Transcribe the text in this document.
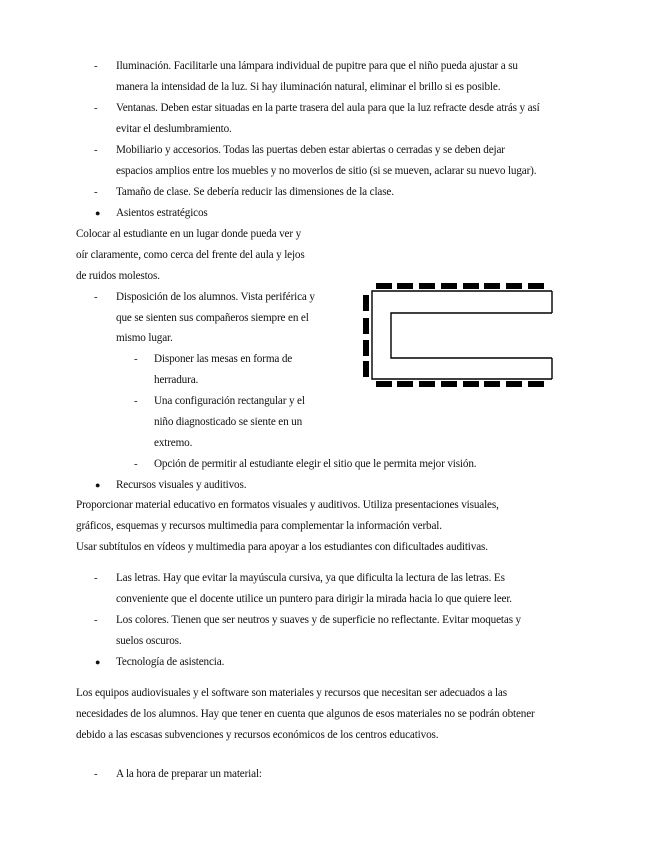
- Iluminación. Facilitarle una lámpara individual de pupitre para que el niño pueda ajustar a su
manera la intensidad de la luz. Si hay iluminación natural, eliminar el brillo si es posible.
- Ventanas. Deben estar situadas en la parte trasera del aula para que la luz refracte desde atrás y así
evitar el deslumbramiento.
- Mobiliario y accesorios. Todas las puertas deben estar abiertas o cerradas y se deben dejar
espacios amplios entre los muebles y no moverlos de sitio (si se mueven, aclarar su nuevo lugar).
- Tamaño de clase. Se debería reducir las dimensiones de la clase.
● Asientos estratégicos
Colocar al estudiante en un lugar donde pueda ver y
oír claramente, como cerca del frente del aula y lejos
de ruidos molestos.
- Disposición de los alumnos. Vista periférica y
que se sienten sus compañeros siempre en el
mismo lugar.
- Disponer las mesas en forma de
herradura.
- Una configuración rectangular y el
niño diagnosticado se siente en un
extremo.
- Opción de permitir al estudiante elegir el sitio que le permita mejor visión.
● Recursos visuales y auditivos.
Proporcionar material educativo en formatos visuales y auditivos. Utiliza presentaciones visuales,
gráficos, esquemas y recursos multimedia para complementar la información verbal.
Usar subtítulos en vídeos y multimedia para apoyar a los estudiantes con dificultades auditivas.
- Las letras. Hay que evitar la mayúscula cursiva, ya que dificulta la lectura de las letras. Es
conveniente que el docente utilice un puntero para dirigir la mirada hacia lo que quiere leer.
- Los colores. Tienen que ser neutros y suaves y de superficie no reflectante. Evitar moquetas y
suelos oscuros.
● Tecnología de asistencia.
Los equipos audiovisuales y el software son materiales y recursos que necesitan ser adecuados a las
necesidades de los alumnos. Hay que tener en cuenta que algunos de esos materiales no se podrán obtener
debido a las escasas subvenciones y recursos económicos de los centros educativos.
- A la hora de preparar un material:
